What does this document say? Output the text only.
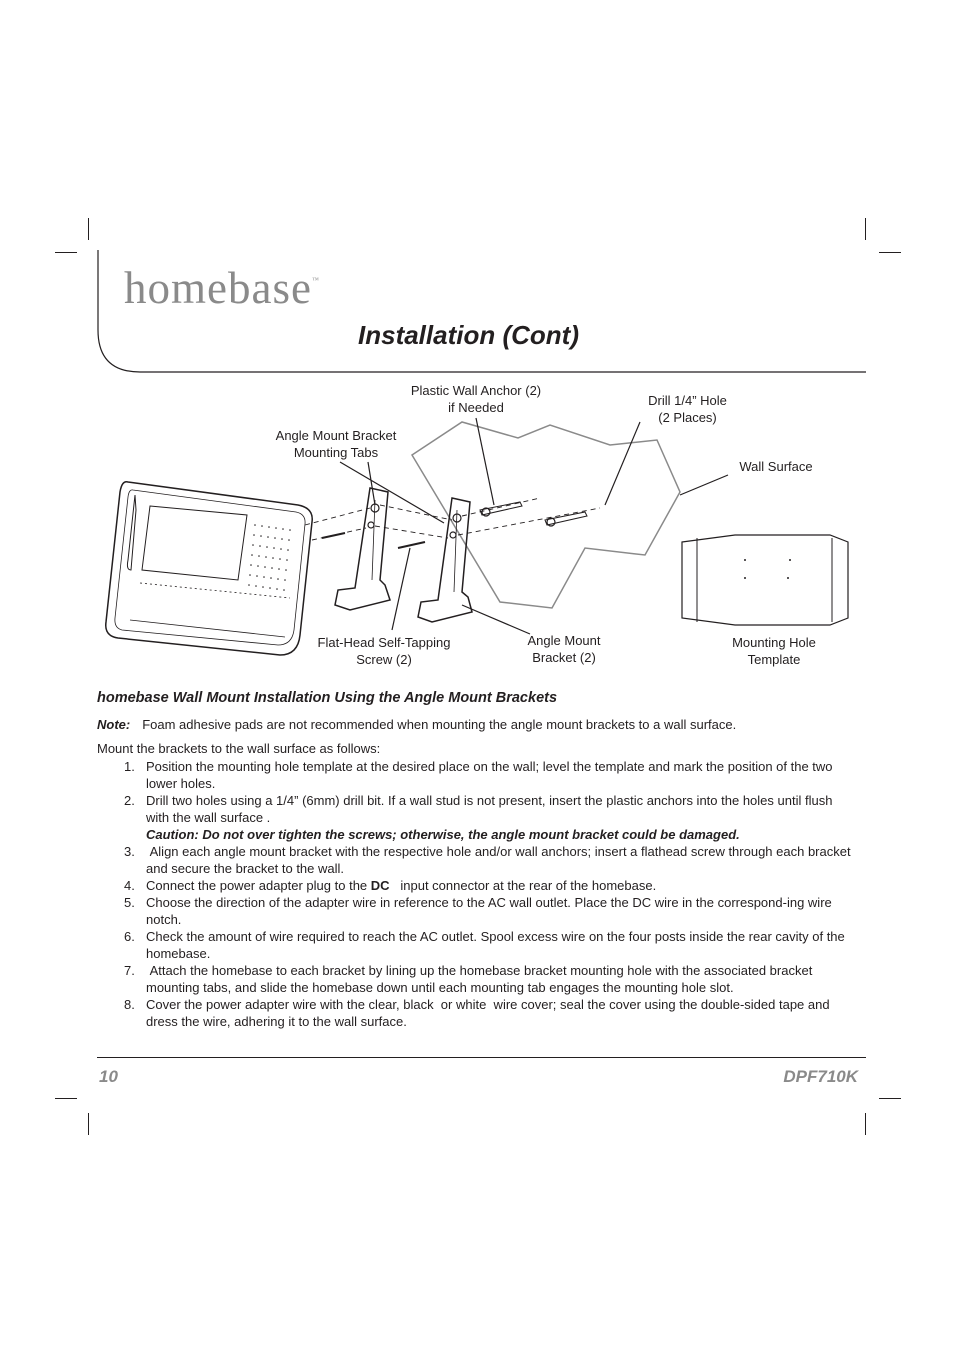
homebase™
Installation (Cont)
Plastic Wall Anchor (2)
if Needed	Drill 1/4” Hole
(2 Places)
Angle Mount Bracket
Mounting Tabs
Wall Surface
Flat-Head Self-Tapping
Screw (2)
Angle Mount
Bracket (2)
Mounting Hole
Template
homebase Wall Mount Installation Using the Angle Mount Brackets
Note: Foam adhesive pads are not recommended when mounting the angle mount brackets to a wall surface.
Mount the brackets to the wall surface as follows:
1. Position the mounting hole template at the desired place on the wall; level the template and mark the position of the two lower holes.
2. Drill two holes using a 1/4” (6mm) drill bit. If a wall stud is not present, insert the plastic anchors into the holes until flush with the wall surface .
Caution: Do not over tighten the screws; otherwise, the angle mount bracket could be damaged.
3. Align each angle mount bracket with the respective hole and/or wall anchors; insert a flathead screw through each bracket and secure the bracket to the wall.
4. Connect the power adapter plug to the DC   input connector at the rear of the homebase.
5. Choose the direction of the adapter wire in reference to the AC wall outlet. Place the DC wire in the correspond-ing wire notch.
6. Check the amount of wire required to reach the AC outlet. Spool excess wire on the four posts inside the rear cavity of the homebase.
7. Attach the homebase to each bracket by lining up the homebase bracket mounting hole with the associated bracket mounting tabs, and slide the homebase down until each mounting tab engages the mounting hole slot.
8. Cover the power adapter wire with the clear, black  or white  wire cover; seal the cover using the double-sided tape and dress the wire, adhering it to the wall surface.
10	DPF710K
